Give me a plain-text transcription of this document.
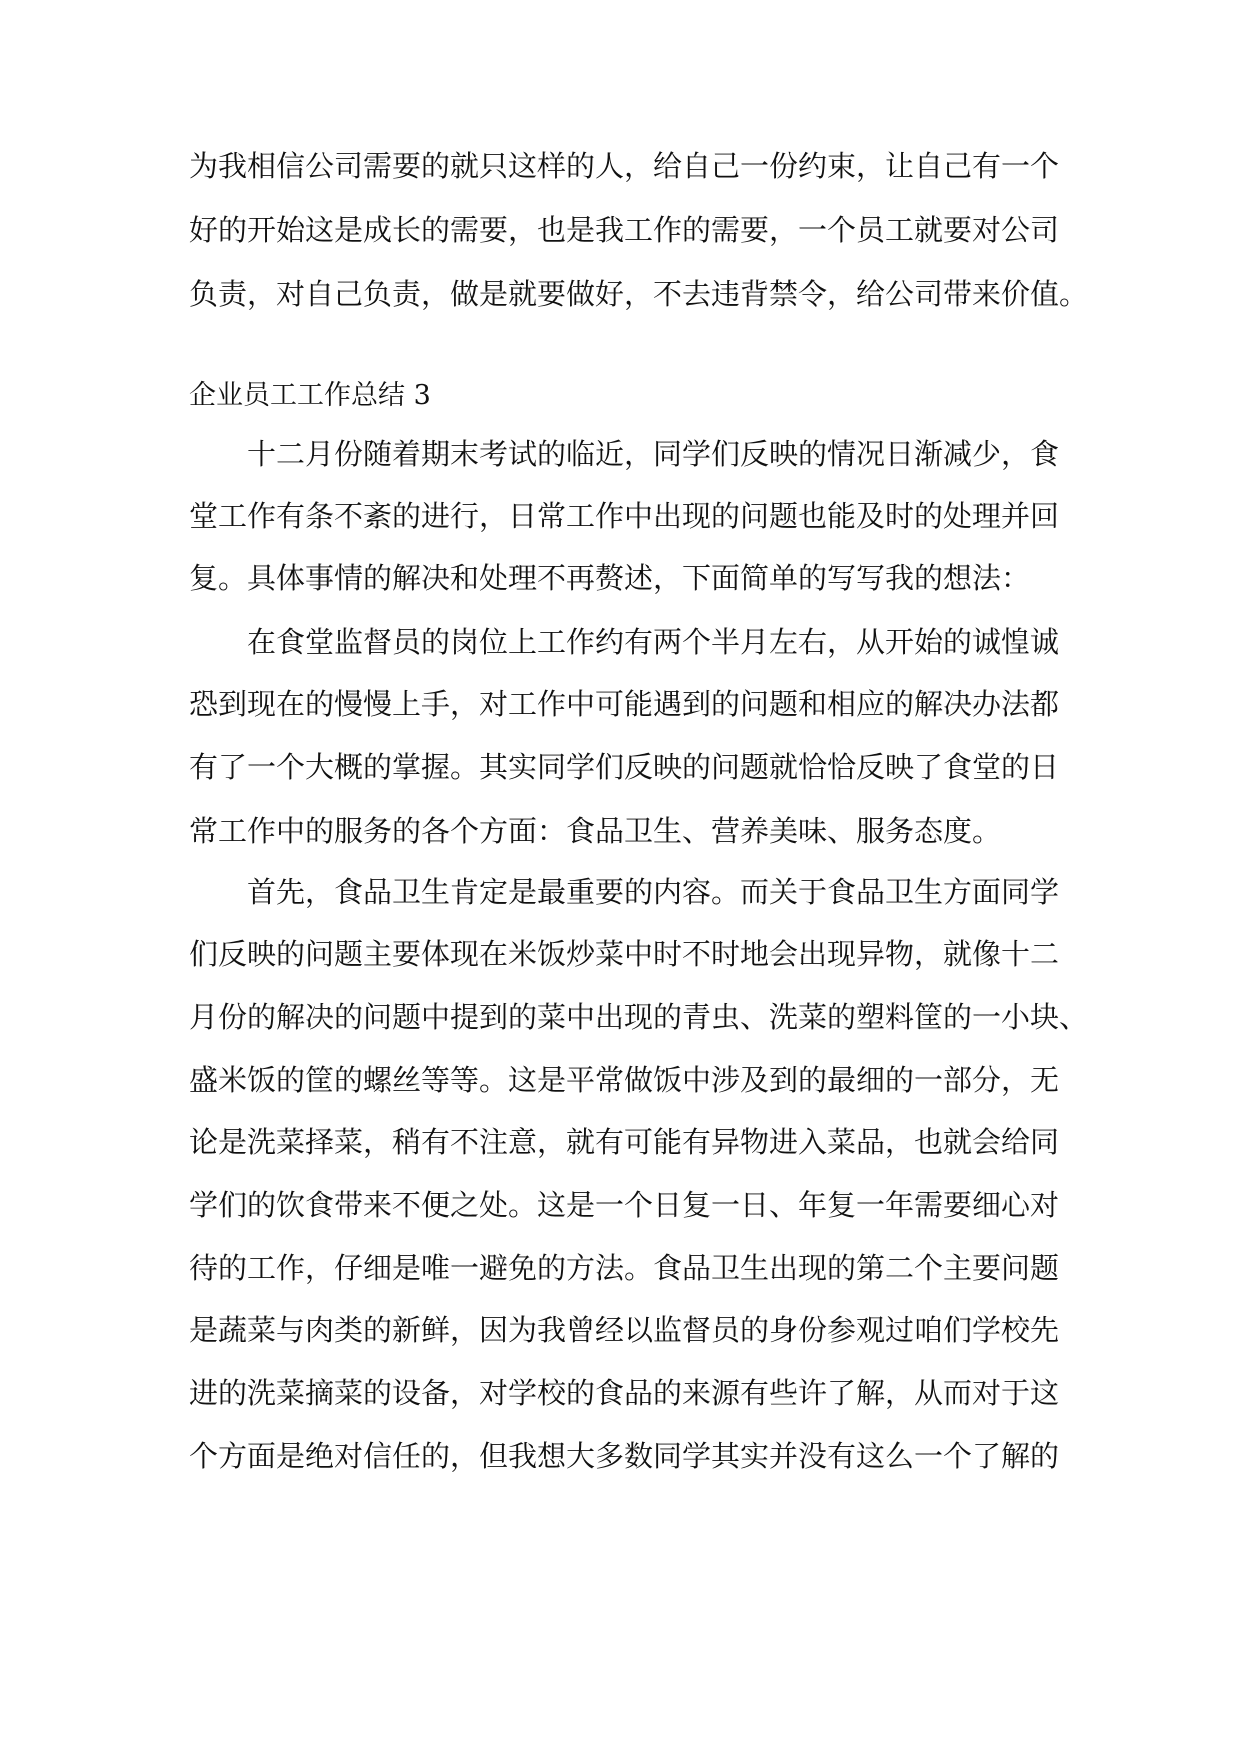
为我相信公司需要的就只这样的人，给自己一份约束，让自己有一个
好的开始这是成长的需要，也是我工作的需要，一个员工就要对公司
负责，对自己负责，做是就要做好，不去违背禁令，给公司带来价值。
企业员工工作总结 3
十二月份随着期末考试的临近，同学们反映的情况日渐减少，食
堂工作有条不紊的进行，日常工作中出现的问题也能及时的处理并回
复。具体事情的解决和处理不再赘述，下面简单的写写我的想法：
在食堂监督员的岗位上工作约有两个半月左右，从开始的诚惶诚
恐到现在的慢慢上手，对工作中可能遇到的问题和相应的解决办法都
有了一个大概的掌握。其实同学们反映的问题就恰恰反映了食堂的日
常工作中的服务的各个方面：食品卫生、营养美味、服务态度。
首先，食品卫生肯定是最重要的内容。而关于食品卫生方面同学
们反映的问题主要体现在米饭炒菜中时不时地会出现异物，就像十二
月份的解决的问题中提到的菜中出现的青虫、洗菜的塑料筐的一小块、
盛米饭的筐的螺丝等等。这是平常做饭中涉及到的最细的一部分，无
论是洗菜择菜，稍有不注意，就有可能有异物进入菜品，也就会给同
学们的饮食带来不便之处。这是一个日复一日、年复一年需要细心对
待的工作，仔细是唯一避免的方法。食品卫生出现的第二个主要问题
是蔬菜与肉类的新鲜，因为我曾经以监督员的身份参观过咱们学校先
进的洗菜摘菜的设备，对学校的食品的来源有些许了解，从而对于这
个方面是绝对信任的，但我想大多数同学其实并没有这么一个了解的
